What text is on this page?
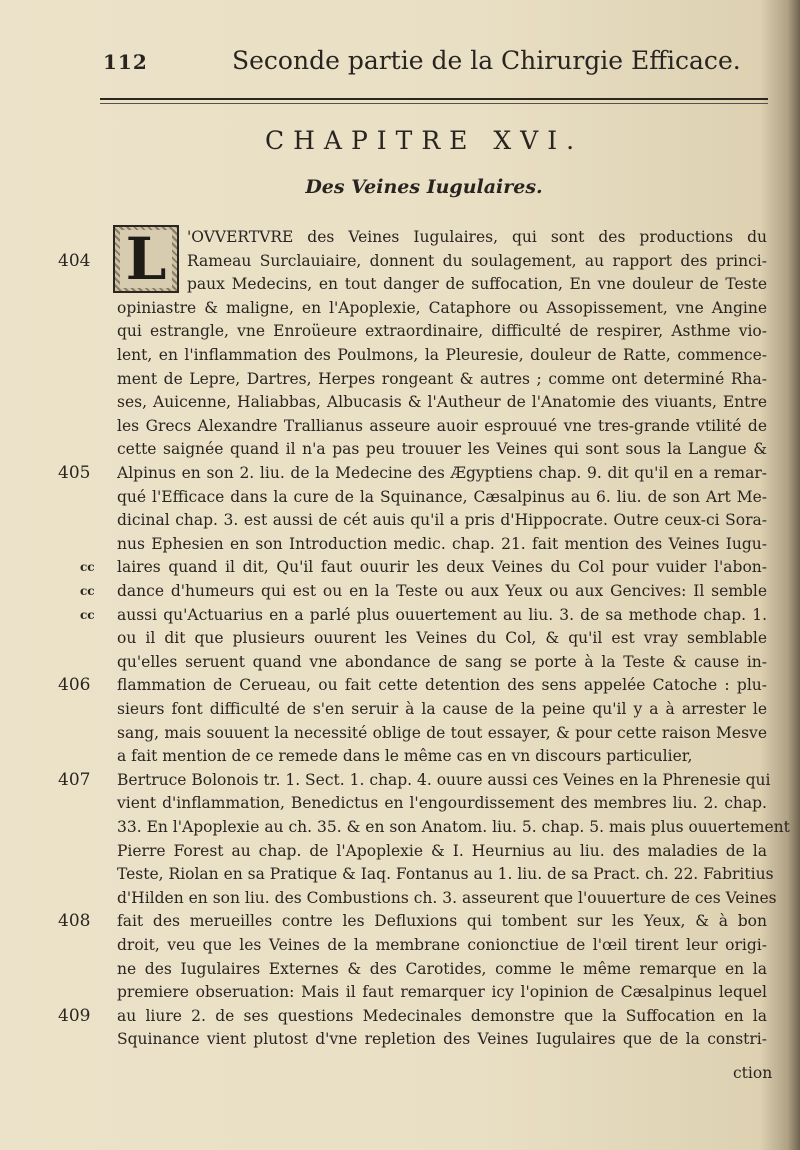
112	Seconde partie de la Chirurgie Efficace.
CHAPITRE XVI.
Des Veines Iugulaires.
L	'OVVERTVRE des Veines Iugulaires, qui sont des productions du
Rameau Surclauiaire, donnent du soulagement, au rapport des princi-
404
paux Medecins, en tout danger de suffocation, En vne douleur de Teste
opiniastre & maligne, en l'Apoplexie, Cataphore ou Assopissement, vne Angine
qui estrangle, vne Enroüeure extraordinaire, difficulté de respirer, Asthme vio-
lent, en l'inflammation des Poulmons, la Pleuresie, douleur de Ratte, commence-
ment de Lepre, Dartres, Herpes rongeant & autres ; comme ont determiné Rha-
ses, Auicenne, Haliabbas, Albucasis & l'Autheur de l'Anatomie des viuants, Entre
les Grecs Alexandre Trallianus asseure auoir esprouué vne tres-grande vtilité de
cette saignée quand il n'a pas peu trouuer les Veines qui sont sous la Langue &
Alpinus en son 2. liu. de la Medecine des Ægyptiens chap. 9. dit qu'il en a remar-
405
qué l'Efficace dans la cure de la Squinance, Cæsalpinus au 6. liu. de son Art Me-
dicinal chap. 3. est aussi de cét auis qu'il a pris d'Hippocrate. Outre ceux-ci Sora-
nus Ephesien en son Introduction medic. chap. 21. fait mention des Veines Iugu-
laires quand il dit, Qu'il faut ouurir les deux Veines du Col pour vuider l'abon-
cc
dance d'humeurs qui est ou en la Teste ou aux Yeux ou aux Gencives: Il semble
cc
aussi qu'Actuarius en a parlé plus ouuertement au liu. 3. de sa methode chap. 1.
cc
ou il dit que plusieurs ouurent les Veines du Col, & qu'il est vray semblable
qu'elles seruent quand vne abondance de sang se porte à la Teste & cause in-
flammation de Cerueau, ou fait cette detention des sens appelée Catoche : plu-
406
sieurs font difficulté de s'en seruir à la cause de la peine qu'il y a à arrester le
sang, mais souuent la necessité oblige de tout essayer, & pour cette raison Mesve
a fait mention de ce remede dans le même cas en vn discours particulier,
Bertruce Bolonois tr. 1. Sect. 1. chap. 4. ouure aussi ces Veines en la Phrenesie qui
407
vient d'inflammation, Benedictus en l'engourdissement des membres liu. 2. chap.
33. En l'Apoplexie au ch. 35. & en son Anatom. liu. 5. chap. 5. mais plus ouuertement
Pierre Forest au chap. de l'Apoplexie & I. Heurnius au liu. des maladies de la
Teste, Riolan en sa Pratique & Iaq. Fontanus au 1. liu. de sa Pract. ch. 22. Fabritius
d'Hilden en son liu. des Combustions ch. 3. asseurent que l'ouuerture de ces Veines
fait des merueilles contre les Defluxions qui tombent sur les Yeux, & à bon
408
droit, veu que les Veines de la membrane conionctiue de l'œil tirent leur origi-
ne des Iugulaires Externes & des Carotides, comme le même remarque en la
premiere obseruation: Mais il faut remarquer icy l'opinion de Cæsalpinus lequel
au liure 2. de ses questions Medecinales demonstre que la Suffocation en la
409
Squinance vient plutost d'vne repletion des Veines Iugulaires que de la constri-
ction
